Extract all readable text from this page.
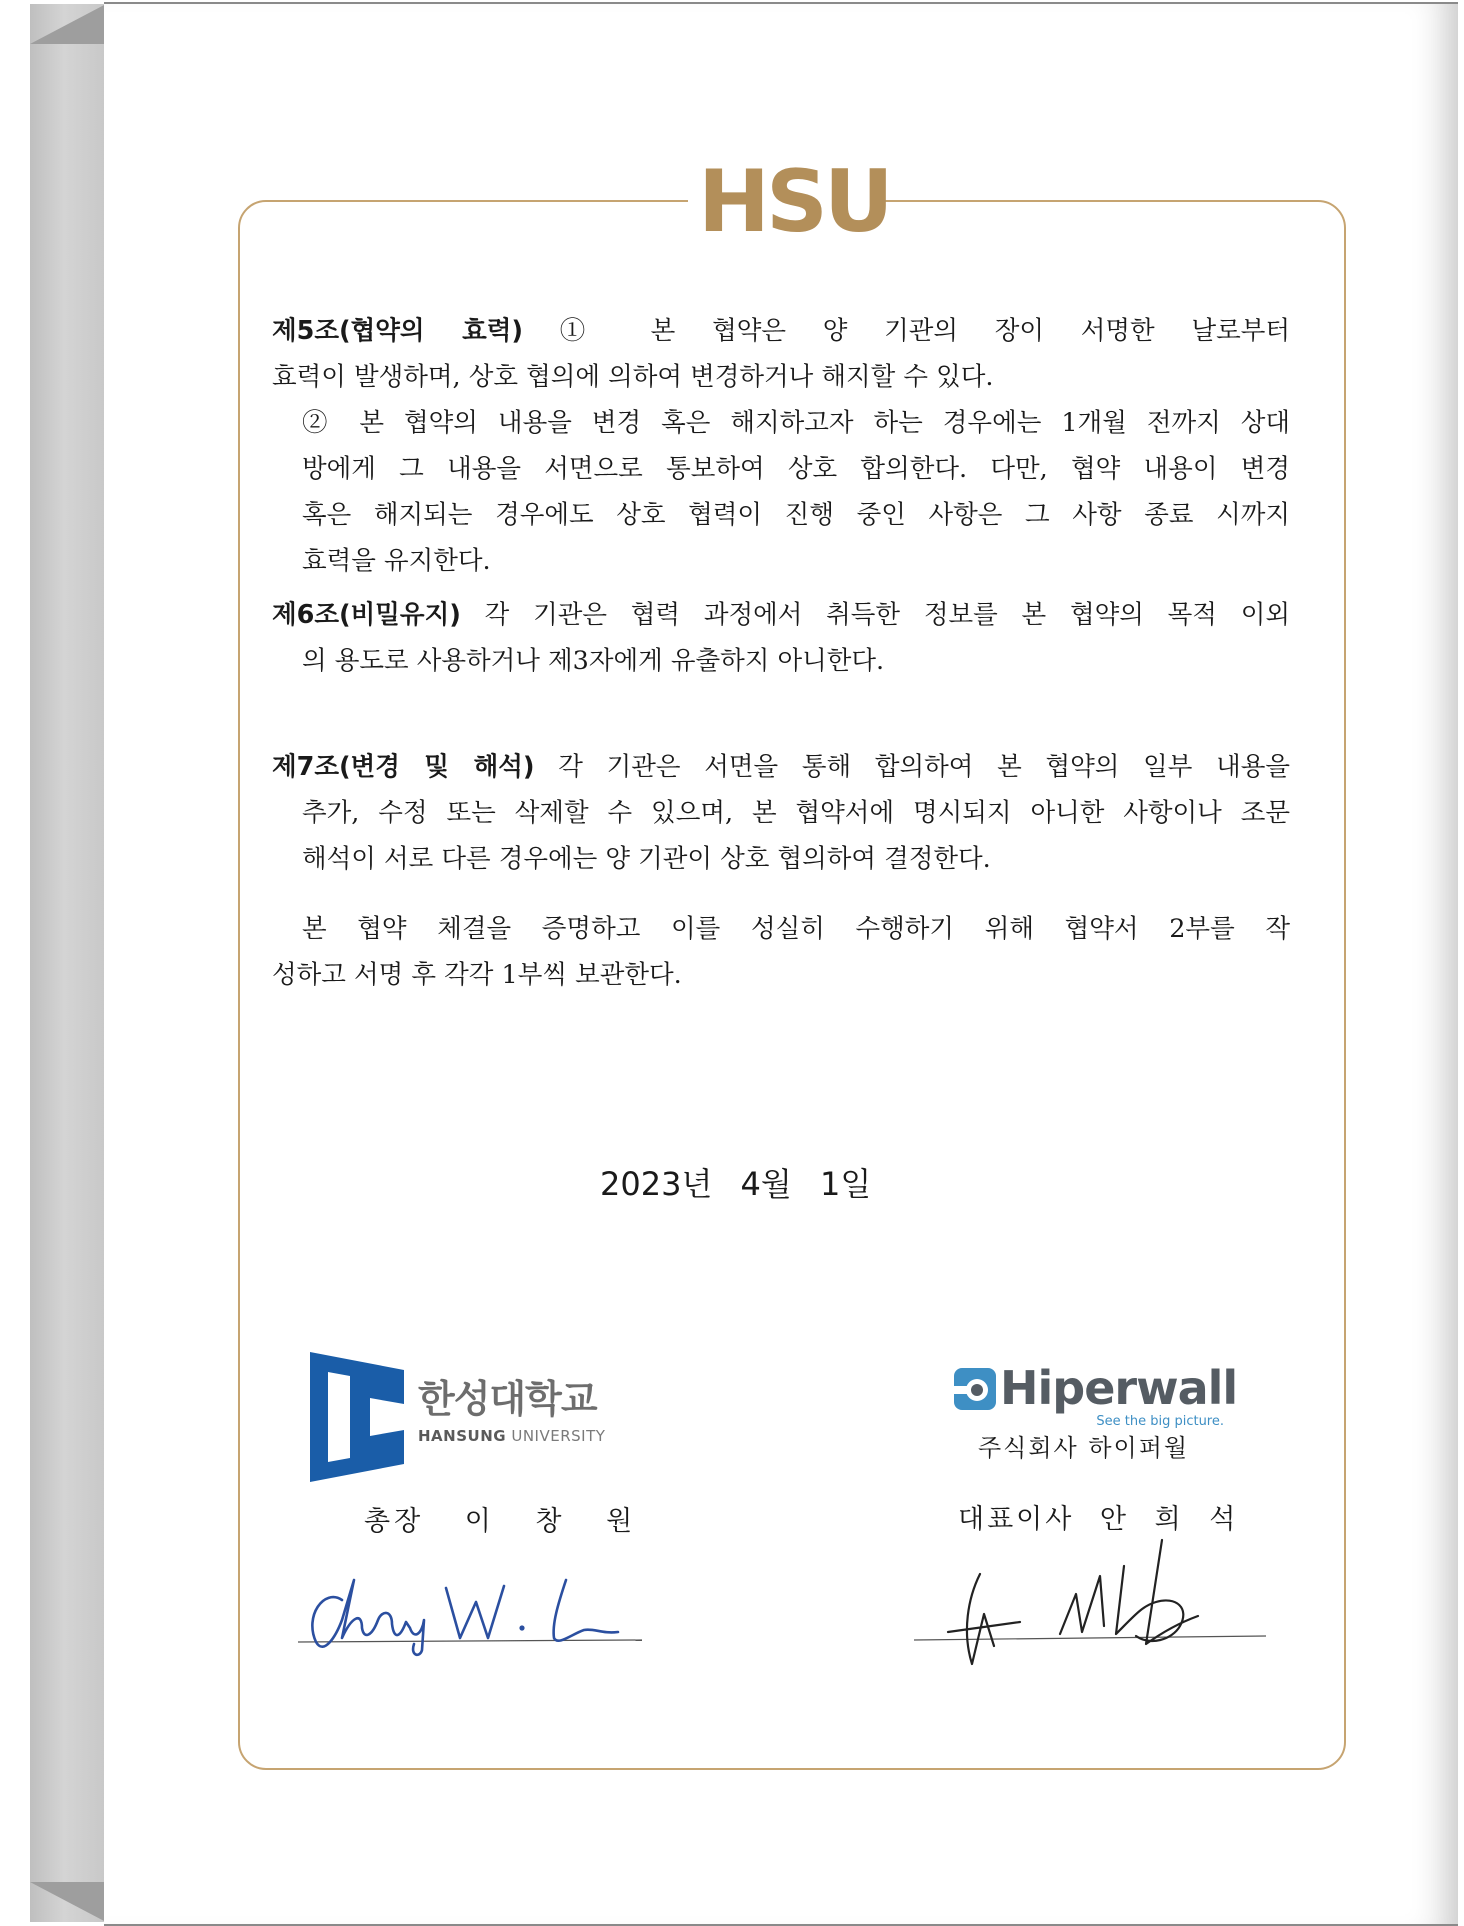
HSU
제5조(협약의 효력) ① 본 협약은 양 기관의 장이 서명한 날로부터
효력이 발생하며, 상호 협의에 의하여 변경하거나 해지할 수 있다.
② 본 협약의 내용을 변경 혹은 해지하고자 하는 경우에는 1개월 전까지 상대
방에게 그 내용을 서면으로 통보하여 상호 합의한다. 다만, 협약 내용이 변경
혹은 해지되는 경우에도 상호 협력이 진행 중인 사항은 그 사항 종료 시까지
효력을 유지한다.
제6조(비밀유지) 각 기관은 협력 과정에서 취득한 정보를 본 협약의 목적 이외
의 용도로 사용하거나 제3자에게 유출하지 아니한다.
제7조(변경 및 해석) 각 기관은 서면을 통해 합의하여 본 협약의 일부 내용을
추가, 수정 또는 삭제할 수 있으며, 본 협약서에 명시되지 아니한 사항이나 조문
해석이 서로 다른 경우에는 양 기관이 상호 협의하여 결정한다.
본 협약 체결을 증명하고 이를 성실히 수행하기 위해 협약서 2부를 작
성하고 서명 후 각각 1부씩 보관한다.
2023년 4월 1일
한성대학교
HANSUNG UNIVERSITY
Hiperwall
See the big picture.
주식회사 하이퍼월
총장 이 창 원	대표이사 안 희 석
